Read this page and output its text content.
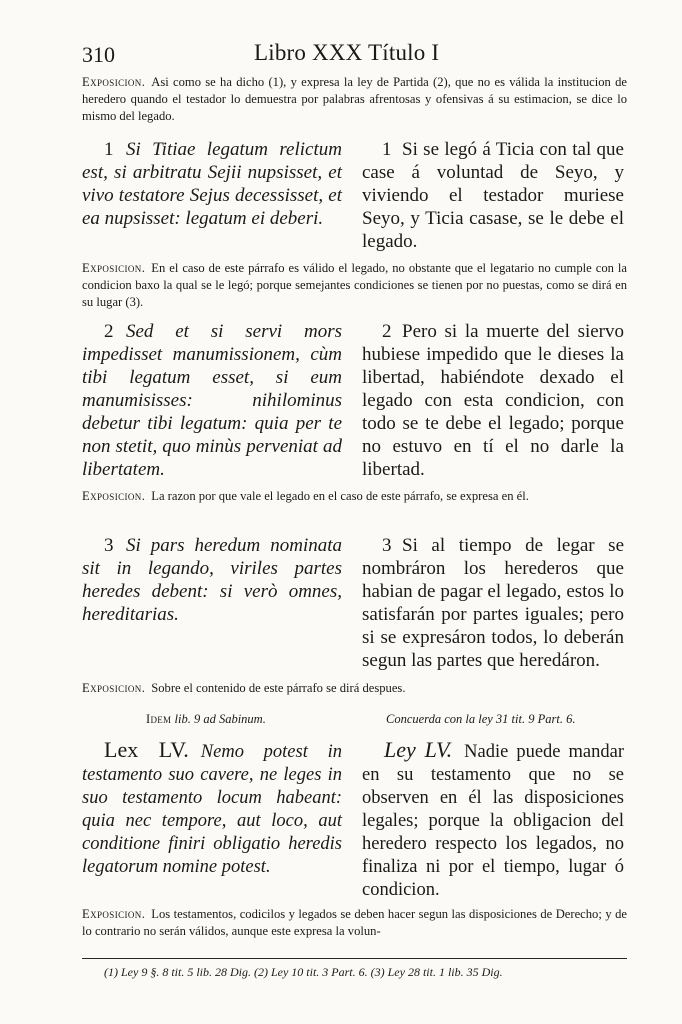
310	Libro XXX Título I
Exposicion. Asi como se ha dicho (1), y expresa la ley de Partida (2), que no es válida la institucion de heredero quando el testador lo demuestra por palabras afrentosas y ofensivas á su estimacion, se dice lo mismo del legado.
1 Si Titiae legatum relictum est, si arbitratu Sejii nupsisset, et vivo testatore Sejus decessisset, et ea nupsisset: legatum ei deberi.
1 Si se legó á Ticia con tal que case á voluntad de Seyo, y viviendo el testador muriese Seyo, y Ticia casase, se le debe el legado.
Exposicion. En el caso de este párrafo es válido el legado, no obstante que el legatario no cumple con la condicion baxo la qual se le legó; porque semejantes condiciones se tienen por no puestas, como se dirá en su lugar (3).
2 Sed et si servi mors impedisset manumissionem, cùm tibi legatum esset, si eum manumisisses: nihilominus debetur tibi legatum: quia per te non stetit, quo minùs perveniat ad libertatem.
2 Pero si la muerte del siervo hubiese impedido que le dieses la libertad, habiéndote dexado el legado con esta condicion, con todo se te debe el legado; porque no estuvo en tí el no darle la libertad.
Exposicion. La razon por que vale el legado en el caso de este párrafo, se expresa en él.
3 Si pars heredum nominata sit in legando, viriles partes heredes debent: si verò omnes, hereditarias.
3 Si al tiempo de legar se nombráron los herederos que habian de pagar el legado, estos lo satisfarán por partes iguales; pero si se expresáron todos, lo deberán segun las partes que heredáron.
Exposicion. Sobre el contenido de este párrafo se dirá despues.
Idem lib. 9 ad Sabinum.	Concuerda con la ley 31 tit. 9 Part. 6.
Lex LV. Nemo potest in testamento suo cavere, ne leges in suo testamento locum habeant: quia nec tempore, aut loco, aut conditione finiri obligatio heredis legatorum nomine potest.
Ley LV. Nadie puede mandar en su testamento que no se observen en él las disposiciones legales; porque la obligacion del heredero respecto los legados, no finaliza ni por el tiempo, lugar ó condicion.
Exposicion. Los testamentos, codicilos y legados se deben hacer segun las disposiciones de Derecho; y de lo contrario no serán válidos, aunque este expresa la volun-
(1) Ley 9 §. 8 tit. 5 lib. 28 Dig. (2) Ley 10 tit. 3 Part. 6. (3) Ley 28 tit. 1 lib. 35 Dig.
